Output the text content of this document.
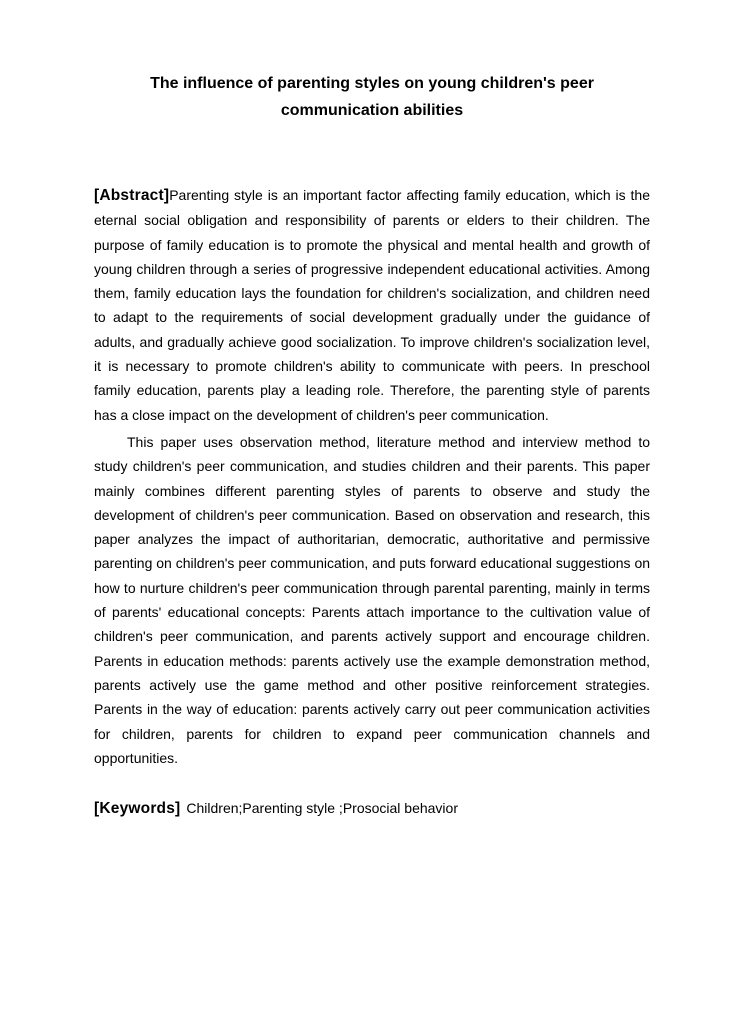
The influence of parenting styles on young children's peer communication abilities

[Abstract]Parenting style is an important factor affecting family education, which is the eternal social obligation and responsibility of parents or elders to their children. The purpose of family education is to promote the physical and mental health and growth of young children through a series of progressive independent educational activities. Among them, family education lays the foundation for children's socialization, and children need to adapt to the requirements of social development gradually under the guidance of adults, and gradually achieve good socialization. To improve children's socialization level, it is necessary to promote children's ability to communicate with peers. In preschool family education, parents play a leading role. Therefore, the parenting style of parents has a close impact on the development of children's peer communication.

This paper uses observation method, literature method and interview method to study children's peer communication, and studies children and their parents. This paper mainly combines different parenting styles of parents to observe and study the development of children's peer communication. Based on observation and research, this paper analyzes the impact of authoritarian, democratic, authoritative and permissive parenting on children's peer communication, and puts forward educational suggestions on how to nurture children's peer communication through parental parenting, mainly in terms of parents' educational concepts: Parents attach importance to the cultivation value of children's peer communication, and parents actively support and encourage children. Parents in education methods: parents actively use the example demonstration method, parents actively use the game method and other positive reinforcement strategies. Parents in the way of education: parents actively carry out peer communication activities for children, parents for children to expand peer communication channels and opportunities.

[Keywords] Children;Parenting style ;Prosocial behavior
